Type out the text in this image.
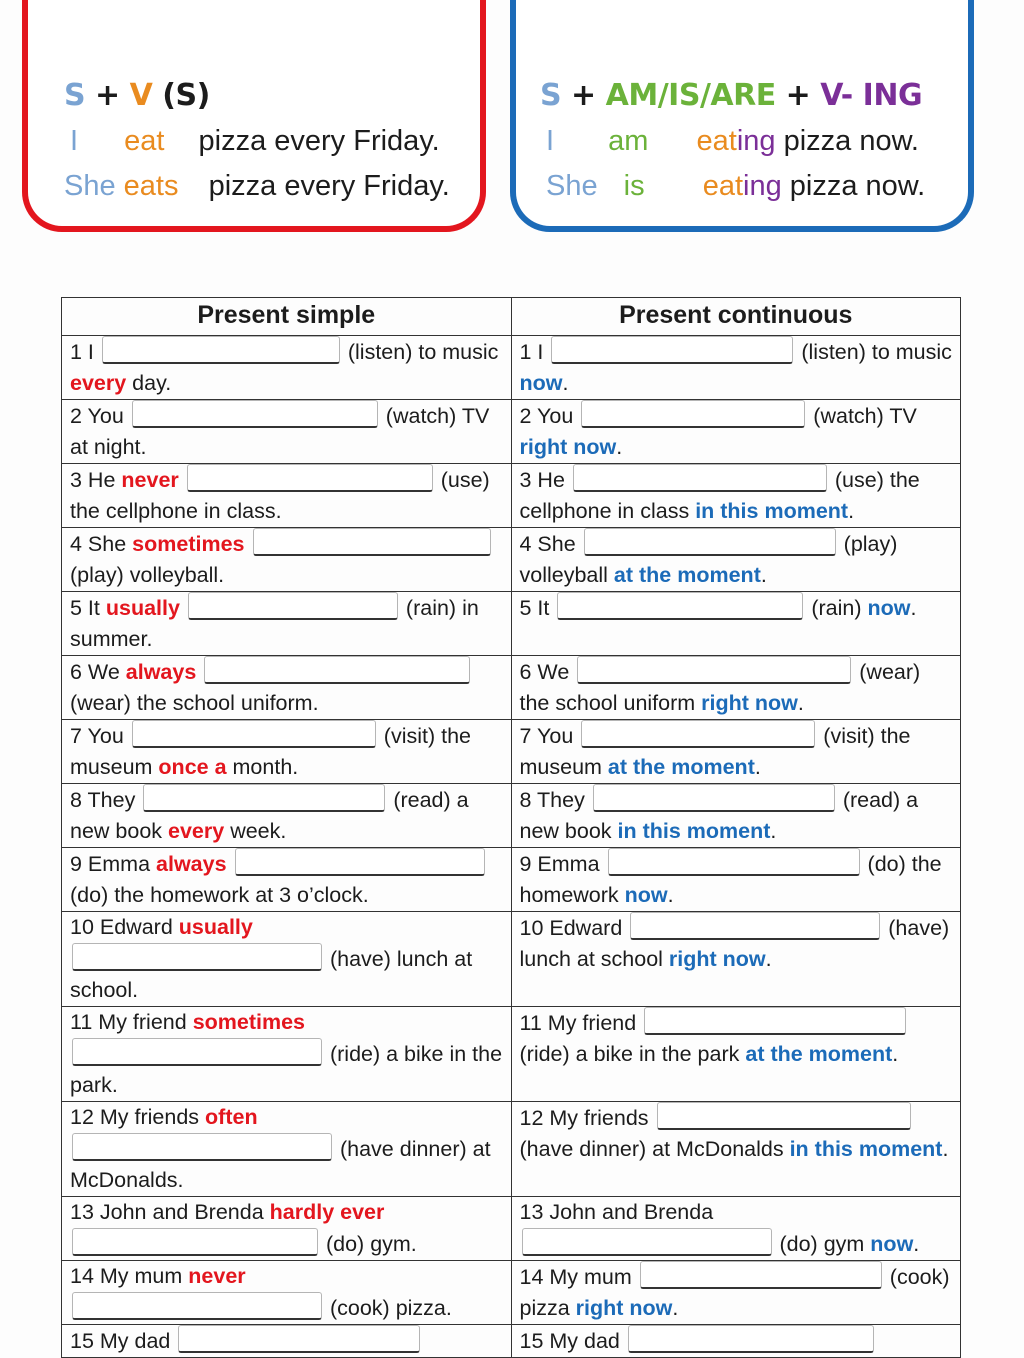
S + V (S)
I eat pizza every Friday.
She eats pizza every Friday.
S + AM/IS/ARE + V- ING
I am eating pizza now.
She is eating pizza now.
Present simple	Present continuous
1 I (listen) to music every day.	1 I (listen) to music now.
2 You (watch) TV at night.	2 You (watch) TV right now.
3 He never (use) the cellphone in class.	3 He (use) the cellphone in class in this moment.
4 She sometimes  (play) volleyball.	4 She (play) volleyball at the moment.
5 It usually (rain) in summer.	5 It (rain) now.
6 We always  (wear) the school uniform.	6 We (wear) the school uniform right now.
7 You (visit) the museum once a month.	7 You (visit) the museum at the moment.
8 They (read) a new book every week.	8 They (read) a new book in this moment.
9 Emma always  (do) the homework at 3 o’clock.	9 Emma (do) the homework now.
10 Edward usually  (have) lunch at school.	10 Edward (have) lunch at school right now.
11 My friend sometimes  (ride) a bike in the park.	11 My friend  (ride) a bike in the park at the moment.
12 My friends often  (have dinner) at McDonalds.	12 My friends  (have dinner) at McDonalds in this moment.
13 John and Brenda hardly ever  (do) gym.	13 John and Brenda  (do) gym now.
14 My mum never  (cook) pizza.	14 My mum (cook) pizza right now.
15 My dad	15 My dad
